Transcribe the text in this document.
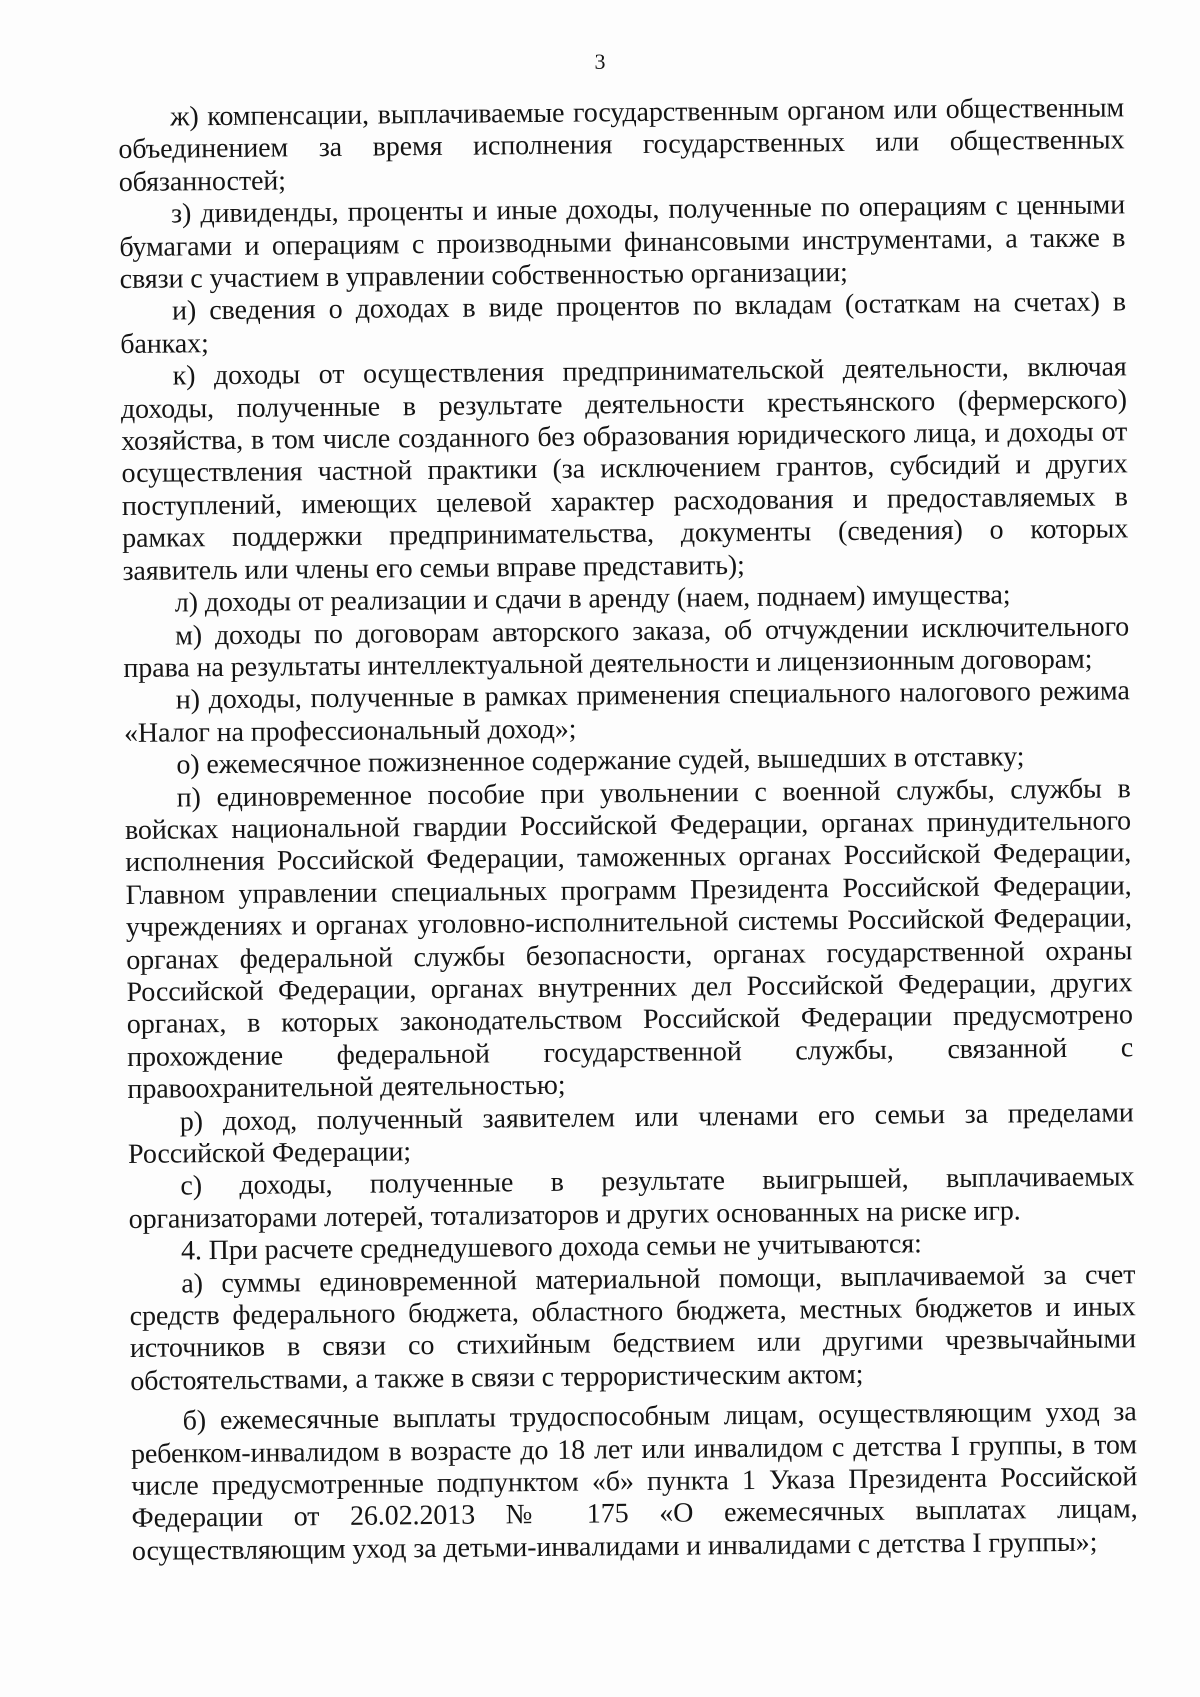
3

ж) компенсации, выплачиваемые государственным органом или общественным объединением за время исполнения государственных или общественных обязанностей;

з) дивиденды, проценты и иные доходы, полученные по операциям с ценными бумагами и операциям с производными финансовыми инструментами, а также в связи с участием в управлении собственностью организации;

и) сведения о доходах в виде процентов по вкладам (остаткам на счетах) в банках;

к) доходы от осуществления предпринимательской деятельности, включая доходы, полученные в результате деятельности крестьянского (фермерского) хозяйства, в том числе созданного без образования юридического лица, и доходы от осуществления частной практики (за исключением грантов, субсидий и других поступлений, имеющих целевой характер расходования и предоставляемых в рамках поддержки предпринимательства, документы (сведения) о которых заявитель или члены его семьи вправе представить);

л) доходы от реализации и сдачи в аренду (наем, поднаем) имущества;

м) доходы по договорам авторского заказа, об отчуждении исключительного права на результаты интеллектуальной деятельности и лицензионным договорам;

н) доходы, полученные в рамках применения специального налогового режима «Налог на профессиональный доход»;

о) ежемесячное пожизненное содержание судей, вышедших в отставку;

п) единовременное пособие при увольнении с военной службы, службы в войсках национальной гвардии Российской Федерации, органах принудительного исполнения Российской Федерации, таможенных органах Российской Федерации, Главном управлении специальных программ Президента Российской Федерации, учреждениях и органах уголовно-исполнительной системы Российской Федерации, органах федеральной службы безопасности, органах государственной охраны Российской Федерации, органах внутренних дел Российской Федерации, других органах, в которых законодательством Российской Федерации предусмотрено прохождение федеральной государственной службы, связанной с правоохранительной деятельностью;

р) доход, полученный заявителем или членами его семьи за пределами Российской Федерации;

с) доходы, полученные в результате выигрышей, выплачиваемых организаторами лотерей, тотализаторов и других основанных на риске игр.

4. При расчете среднедушевого дохода семьи не учитываются:

а) суммы единовременной материальной помощи, выплачиваемой за счет средств федерального бюджета, областного бюджета, местных бюджетов и иных источников в связи со стихийным бедствием или другими чрезвычайными обстоятельствами, а также в связи с террористическим актом;

б) ежемесячные выплаты трудоспособным лицам, осуществляющим уход за ребенком-инвалидом в возрасте до 18 лет или инвалидом с детства I группы, в том числе предусмотренные подпунктом «б» пункта 1 Указа Президента Российской Федерации от 26.02.2013 № 175 «О ежемесячных выплатах лицам, осуществляющим уход за детьми-инвалидами и инвалидами с детства I группы»;
